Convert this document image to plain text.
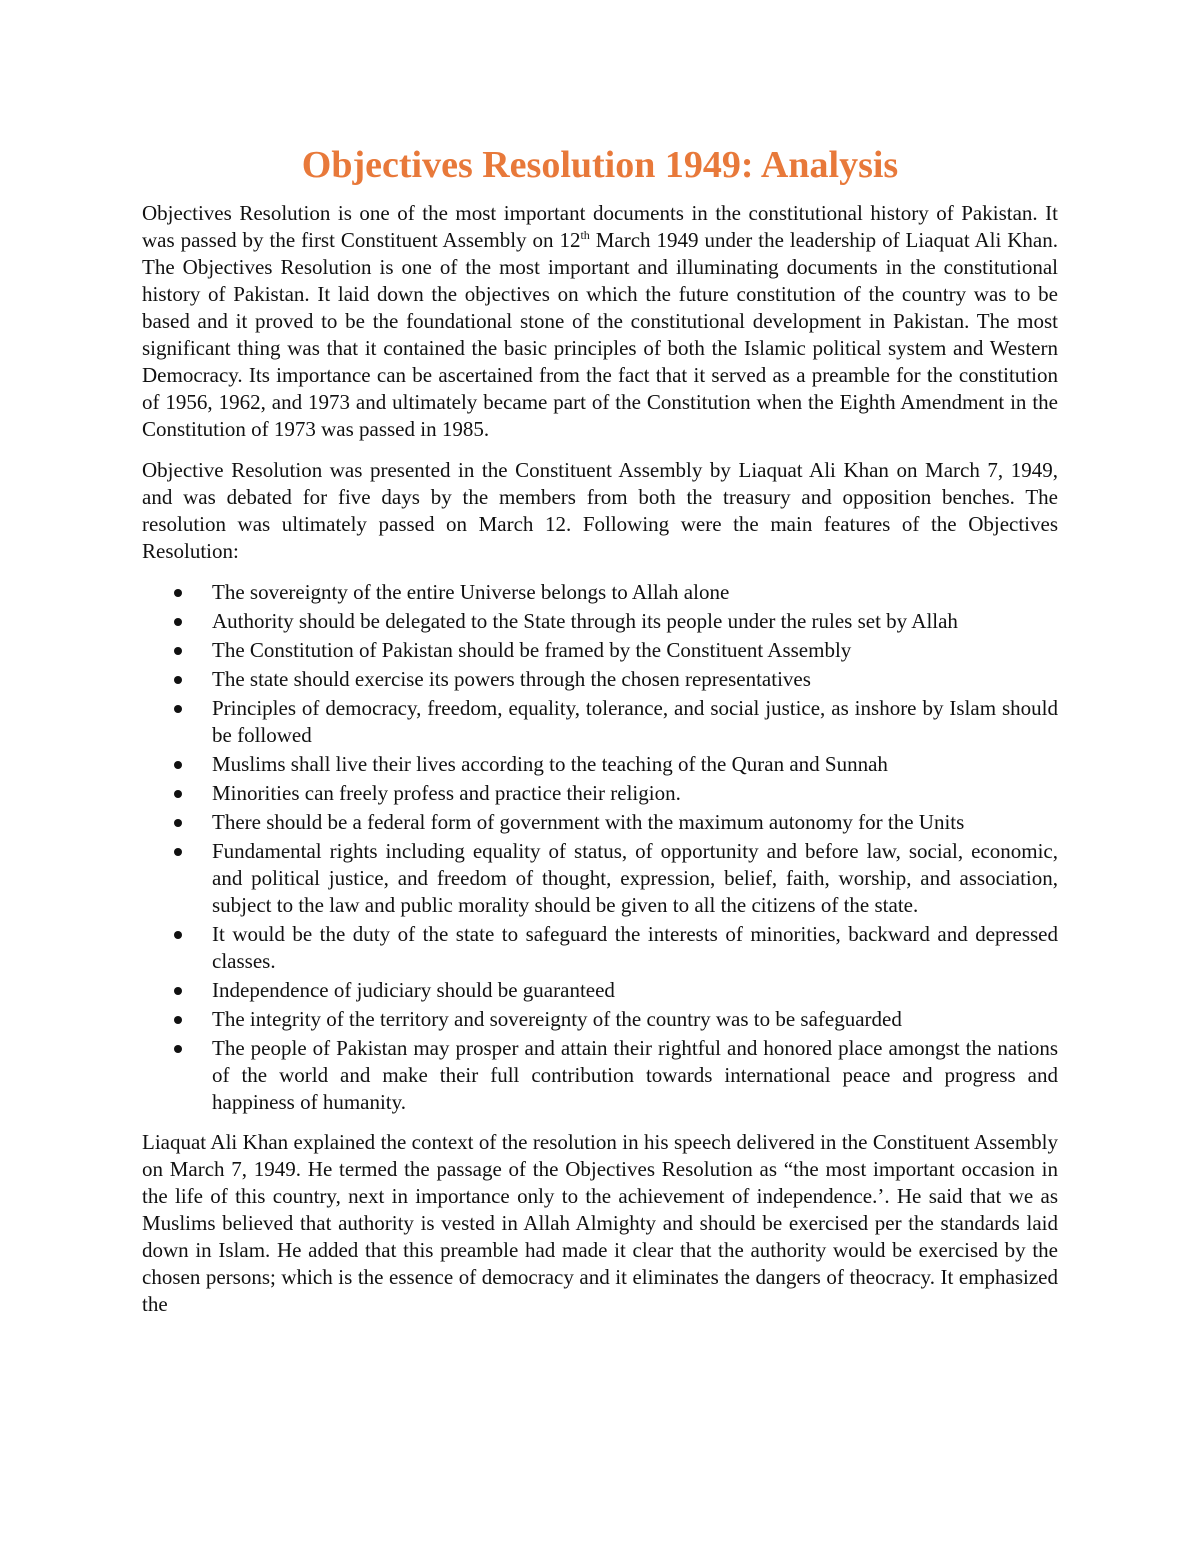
Objectives Resolution 1949: Analysis

Objectives Resolution is one of the most important documents in the constitutional history of Pakistan. It was passed by the first Constituent Assembly on 12th March 1949 under the leadership of Liaquat Ali Khan. The Objectives Resolution is one of the most important and illuminating documents in the constitutional history of Pakistan. It laid down the objectives on which the future constitution of the country was to be based and it proved to be the foundational stone of the constitutional development in Pakistan. The most significant thing was that it contained the basic principles of both the Islamic political system and Western Democracy. Its importance can be ascertained from the fact that it served as a preamble for the constitution of 1956, 1962, and 1973 and ultimately became part of the Constitution when the Eighth Amendment in the Constitution of 1973 was passed in 1985.

Objective Resolution was presented in the Constituent Assembly by Liaquat Ali Khan on March 7, 1949, and was debated for five days by the members from both the treasury and opposition benches. The resolution was ultimately passed on March 12. Following were the main features of the Objectives Resolution:

The sovereignty of the entire Universe belongs to Allah alone
Authority should be delegated to the State through its people under the rules set by Allah
The Constitution of Pakistan should be framed by the Constituent Assembly
The state should exercise its powers through the chosen representatives
Principles of democracy, freedom, equality, tolerance, and social justice, as inshore by Islam should be followed
Muslims shall live their lives according to the teaching of the Quran and Sunnah
Minorities can freely profess and practice their religion.
There should be a federal form of government with the maximum autonomy for the Units
Fundamental rights including equality of status, of opportunity and before law, social, economic, and political justice, and freedom of thought, expression, belief, faith, worship, and association, subject to the law and public morality should be given to all the citizens of the state.
It would be the duty of the state to safeguard the interests of minorities, backward and depressed classes.
Independence of judiciary should be guaranteed
The integrity of the territory and sovereignty of the country was to be safeguarded
The people of Pakistan may prosper and attain their rightful and honored place amongst the nations of the world and make their full contribution towards international peace and progress and happiness of humanity.

Liaquat Ali Khan explained the context of the resolution in his speech delivered in the Constituent Assembly on March 7, 1949. He termed the passage of the Objectives Resolution as “the most important occasion in the life of this country, next in importance only to the achievement of independence.’. He said that we as Muslims believed that authority is vested in Allah Almighty and should be exercised per the standards laid down in Islam. He added that this preamble had made it clear that the authority would be exercised by the chosen persons; which is the essence of democracy and it eliminates the dangers of theocracy. It emphasized the
